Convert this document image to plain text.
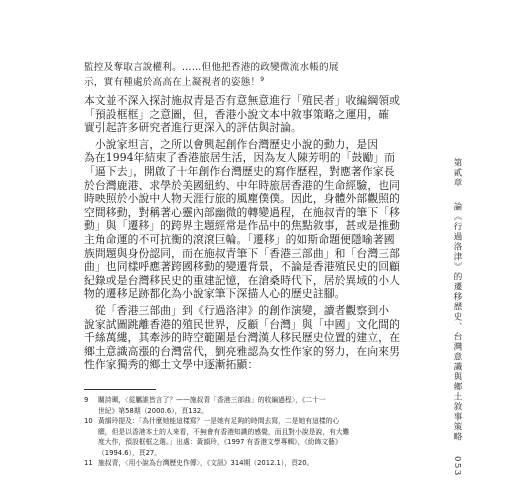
監控及奪取言說權利。……但他把香港的政變微流水帳的展
示，實有種處於高高在上凝視者的姿態！$^9$
本文並不深入探討施叔青是否有意無意進行「殖民者」收編綱領或
「預設框框」之意圖，但，香港小說文本中敘事策略之運用，確
實引起許多研究者進行更深入的評估與討論。
　小說家坦言，之所以會興起創作台灣歷史小說的動力，是因
為在1994年結束了香港旅居生活，因為友人陳芳明的「鼓勵」而
「逼下去」，開啟了十年創作台灣歷史的寫作歷程，對應著作家長
於台灣鹿港、求學於美國紐約、中年時旅居香港的生命經驗，也同
時映照於小說中人物天涯行旅的風塵僕僕。因此，身體外部觀照的
空間移動，對稱著心靈內部幽微的轉變過程，在施叔青的筆下「移
動」與「遷移」的跨界主題經常是作品中的焦點敘事，甚或是推動
主角命運的不可抗衡的滾滾巨輪。「遷移」的如斯命題便隱喻著國
族問題與身份認同，而在施叔青筆下「香港三部曲」和「台灣三部
曲」也同樣呼應著跨國移動的變遷背景，不論是香港殖民史的回顧
紀錄或是台灣移民史的重建記憶，在滄桑時代下，居於異域的小人
物的遷移足跡都化為小說家筆下深描人心的歷史註腳。
　從「香港三部曲」到《行過洛津》的創作演變，讀者觀察到小
說家試圖跳離香港的殖民世界，反顧「台灣」與「中國」文化間的
千絲萬縷，其牽涉的時空範圍是台灣漢人移民歷史位置的建立，在
鄉土意識高漲的台灣當代，劉亮雅認為女性作家的努力，在向來男
性作家獨秀的鄉土文學中逐漸拓顯：
9 關詩珮，〈從屬誰皆言了？——施叔青「香港三部曲」的收編過程〉，《二十一
世紀》第58期（2000.6），頁132。
10 黃韻玲提及：「為什麼她能這樣寫？一是她有足夠的時間去寫，二是她有這樣的心
願，但是以香港本土的人來看，不無會有香港知識的感覺，而且對小說是說，有大難
度大作，預設框框之選。」出處：黃韻玲，《1997 有香港文學專輯》，《紛飾文藝》
（1994.6），頁27。
11 施叔青，〈用小說為台灣歷史作傳〉，《文訊》314期（2012.1），頁20。
第貳章論《行過洛津》的遷移歷史、台灣意識與鄉土敘事策略053
